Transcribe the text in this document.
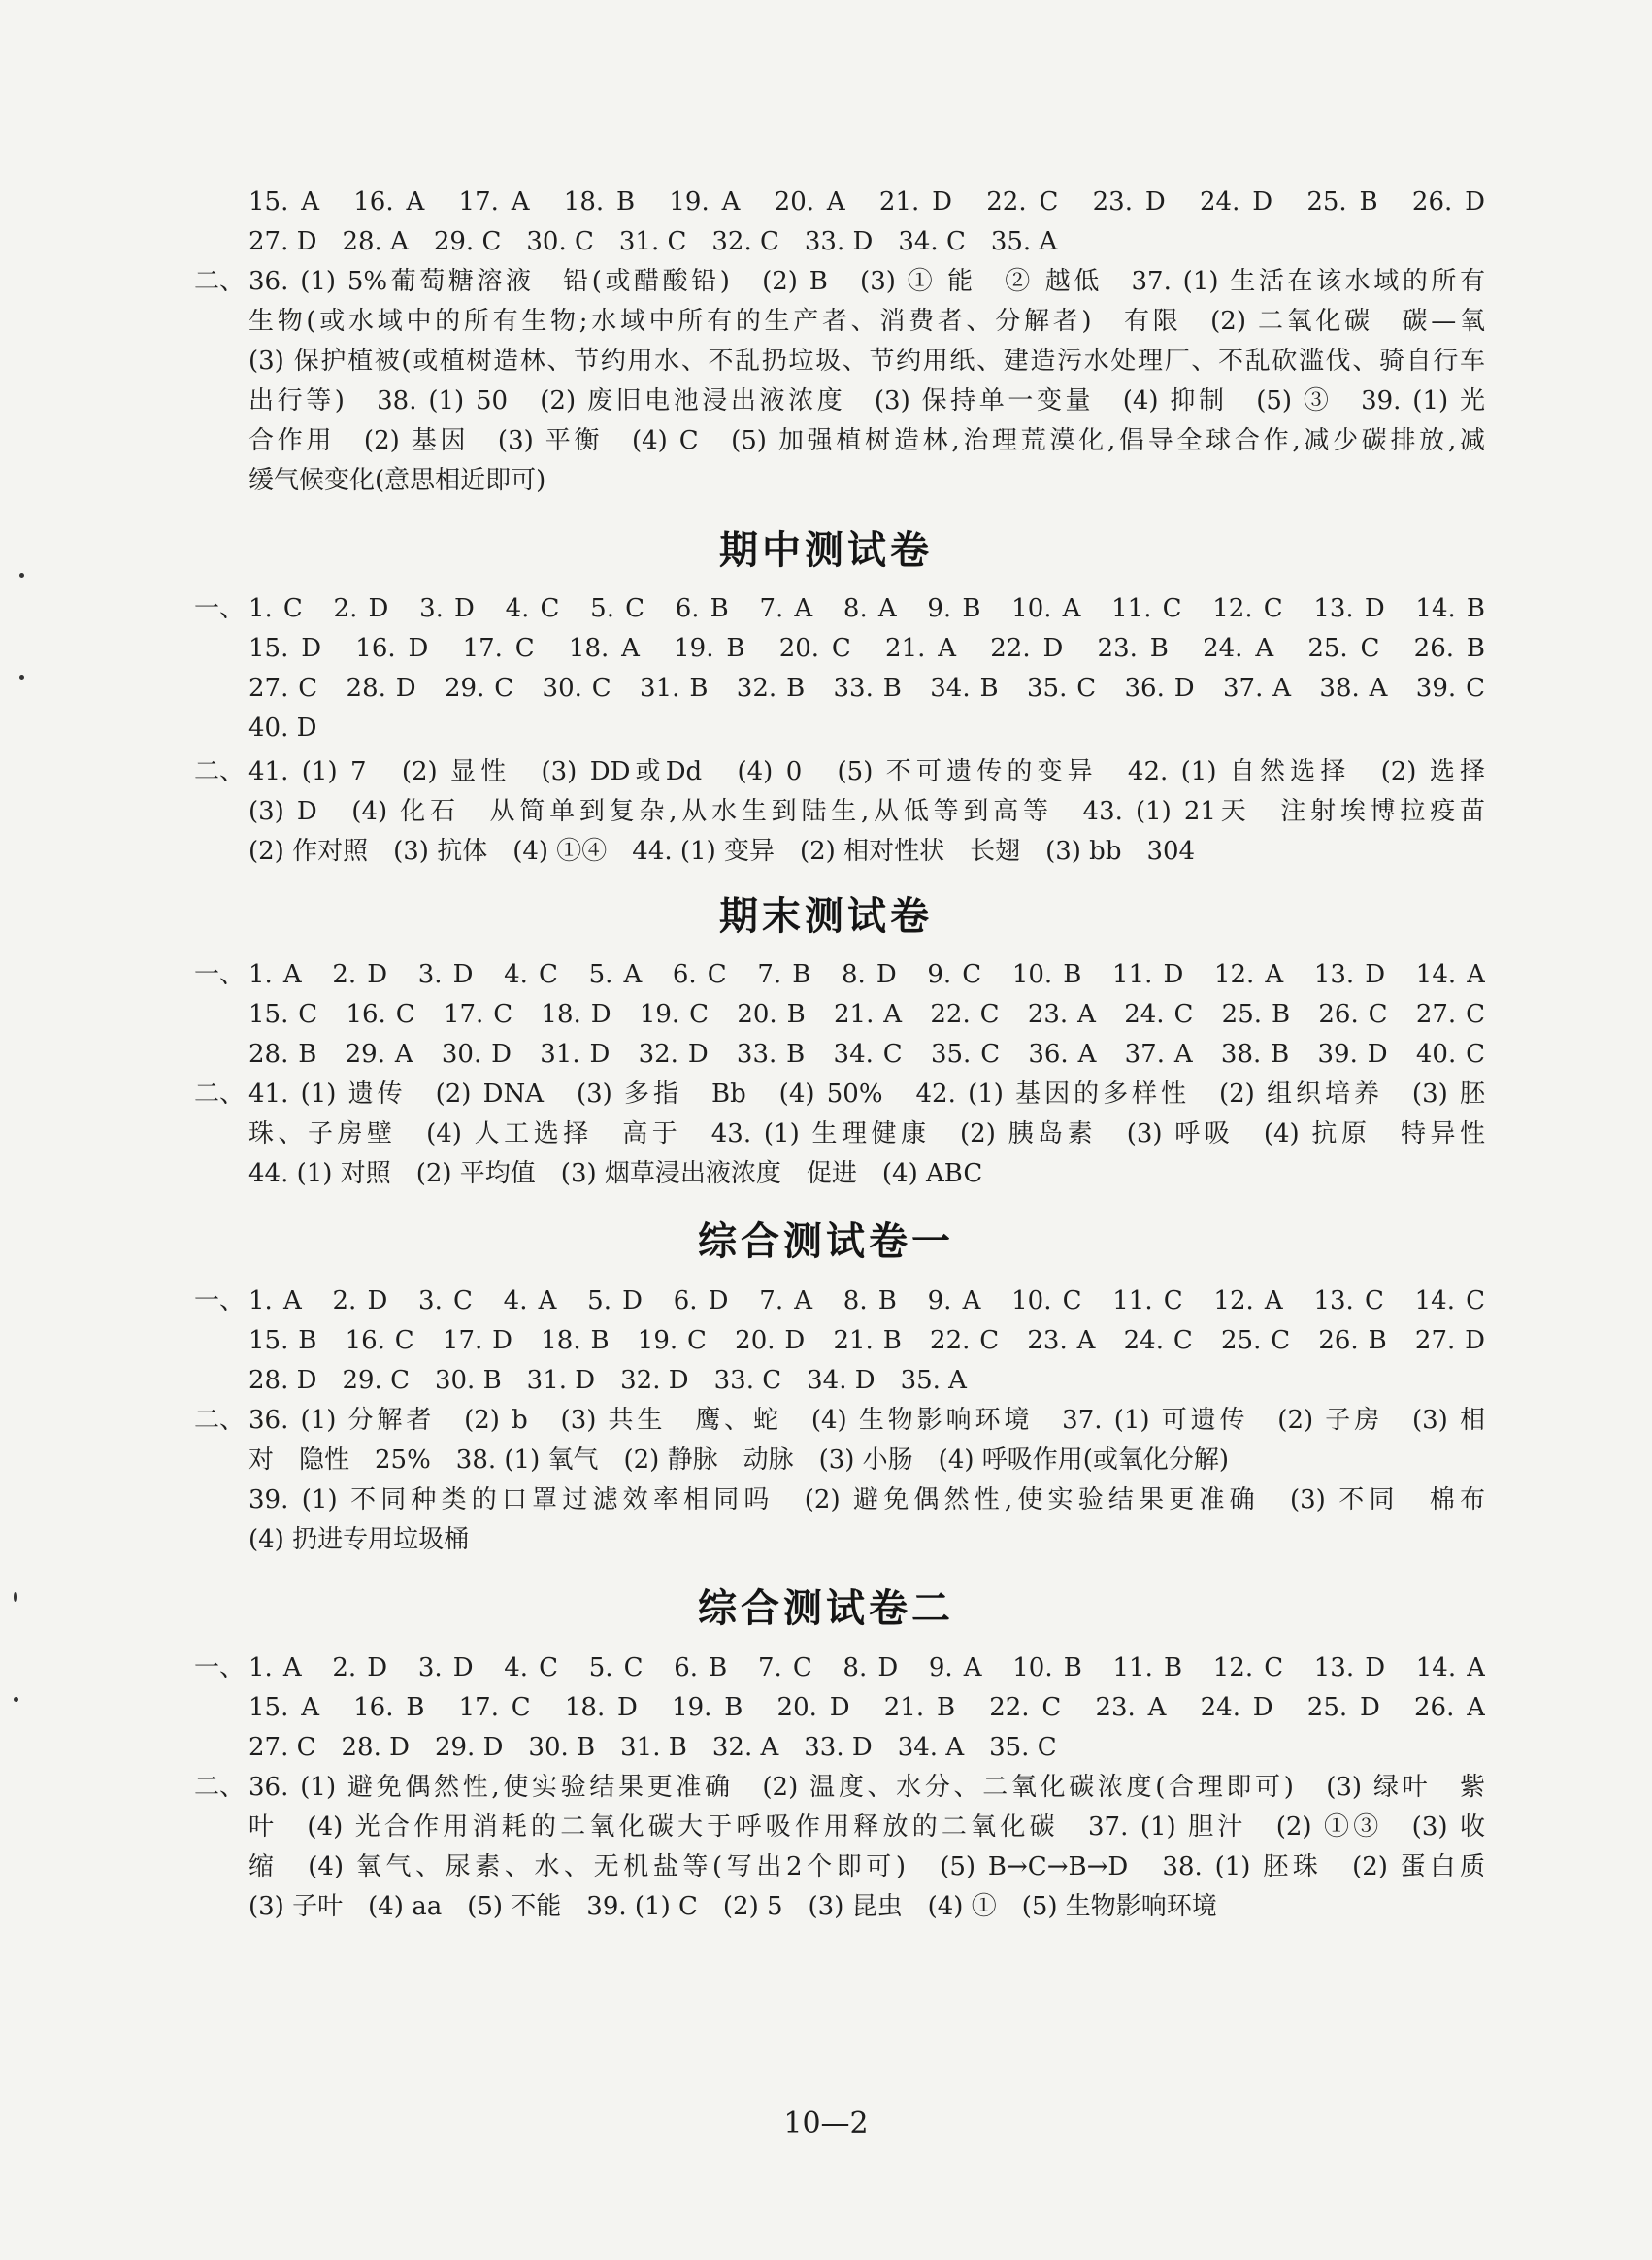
15. A　16. A　17. A　18. B　19. A　20. A　21. D　22. C　23. D　24. D　25. B　26. D
27. D　28. A　29. C　30. C　31. C　32. C　33. D　34. C　35. A
二、 36. (1) 5%葡萄糖溶液　铅(或醋酸铅)　(2) B　(3) ① 能　② 越低　37. (1) 生活在该水域的所有
生物(或水域中的所有生物;水域中所有的生产者、消费者、分解者)　有限　(2) 二氧化碳　碳—氧
(3) 保护植被(或植树造林、节约用水、不乱扔垃圾、节约用纸、建造污水处理厂、不乱砍滥伐、骑自行车
出行等)　38. (1) 50　(2) 废旧电池浸出液浓度　(3) 保持单一变量　(4) 抑制　(5) ③　39. (1) 光
合作用　(2) 基因　(3) 平衡　(4) C　(5) 加强植树造林,治理荒漠化,倡导全球合作,减少碳排放,减
缓气候变化(意思相近即可)
期中测试卷
一、 1. C　2. D　3. D　4. C　5. C　6. B　7. A　8. A　9. B　10. A　11. C　12. C　13. D　14. B
15. D　16. D　17. C　18. A　19. B　20. C　21. A　22. D　23. B　24. A　25. C　26. B
27. C　28. D　29. C　30. C　31. B　32. B　33. B　34. B　35. C　36. D　37. A　38. A　39. C
40. D
二、 41. (1) 7　(2) 显性　(3) DD或Dd　(4) 0　(5) 不可遗传的变异　42. (1) 自然选择　(2) 选择
(3) D　(4) 化石　从简单到复杂,从水生到陆生,从低等到高等　43. (1) 21天　注射埃博拉疫苗
(2) 作对照　(3) 抗体　(4) ①④　44. (1) 变异　(2) 相对性状　长翅　(3) bb　304
期末测试卷
一、 1. A　2. D　3. D　4. C　5. A　6. C　7. B　8. D　9. C　10. B　11. D　12. A　13. D　14. A
15. C　16. C　17. C　18. D　19. C　20. B　21. A　22. C　23. A　24. C　25. B　26. C　27. C
28. B　29. A　30. D　31. D　32. D　33. B　34. C　35. C　36. A　37. A　38. B　39. D　40. C
二、 41. (1) 遗传　(2) DNA　(3) 多指　Bb　(4) 50%　42. (1) 基因的多样性　(2) 组织培养　(3) 胚
珠、子房壁　(4) 人工选择　高于　43. (1) 生理健康　(2) 胰岛素　(3) 呼吸　(4) 抗原　特异性
44. (1) 对照　(2) 平均值　(3) 烟草浸出液浓度　促进　(4) ABC
综合测试卷一
一、 1. A　2. D　3. C　4. A　5. D　6. D　7. A　8. B　9. A　10. C　11. C　12. A　13. C　14. C
15. B　16. C　17. D　18. B　19. C　20. D　21. B　22. C　23. A　24. C　25. C　26. B　27. D
28. D　29. C　30. B　31. D　32. D　33. C　34. D　35. A
二、 36. (1) 分解者　(2) b　(3) 共生　鹰、蛇　(4) 生物影响环境　37. (1) 可遗传　(2) 子房　(3) 相
对　隐性　25%　38. (1) 氧气　(2) 静脉　动脉　(3) 小肠　(4) 呼吸作用(或氧化分解)
39. (1) 不同种类的口罩过滤效率相同吗　(2) 避免偶然性,使实验结果更准确　(3) 不同　棉布
(4) 扔进专用垃圾桶
综合测试卷二
一、 1. A　2. D　3. D　4. C　5. C　6. B　7. C　8. D　9. A　10. B　11. B　12. C　13. D　14. A
15. A　16. B　17. C　18. D　19. B　20. D　21. B　22. C　23. A　24. D　25. D　26. A
27. C　28. D　29. D　30. B　31. B　32. A　33. D　34. A　35. C
二、 36. (1) 避免偶然性,使实验结果更准确　(2) 温度、水分、二氧化碳浓度(合理即可)　(3) 绿叶　紫
叶　(4) 光合作用消耗的二氧化碳大于呼吸作用释放的二氧化碳　37. (1) 胆汁　(2) ①③　(3) 收
缩　(4) 氧气、尿素、水、无机盐等(写出2个即可)　(5) B→C→B→D　38. (1) 胚珠　(2) 蛋白质
(3) 子叶　(4) aa　(5) 不能　39. (1) C　(2) 5　(3) 昆虫　(4) ①　(5) 生物影响环境
10—2
